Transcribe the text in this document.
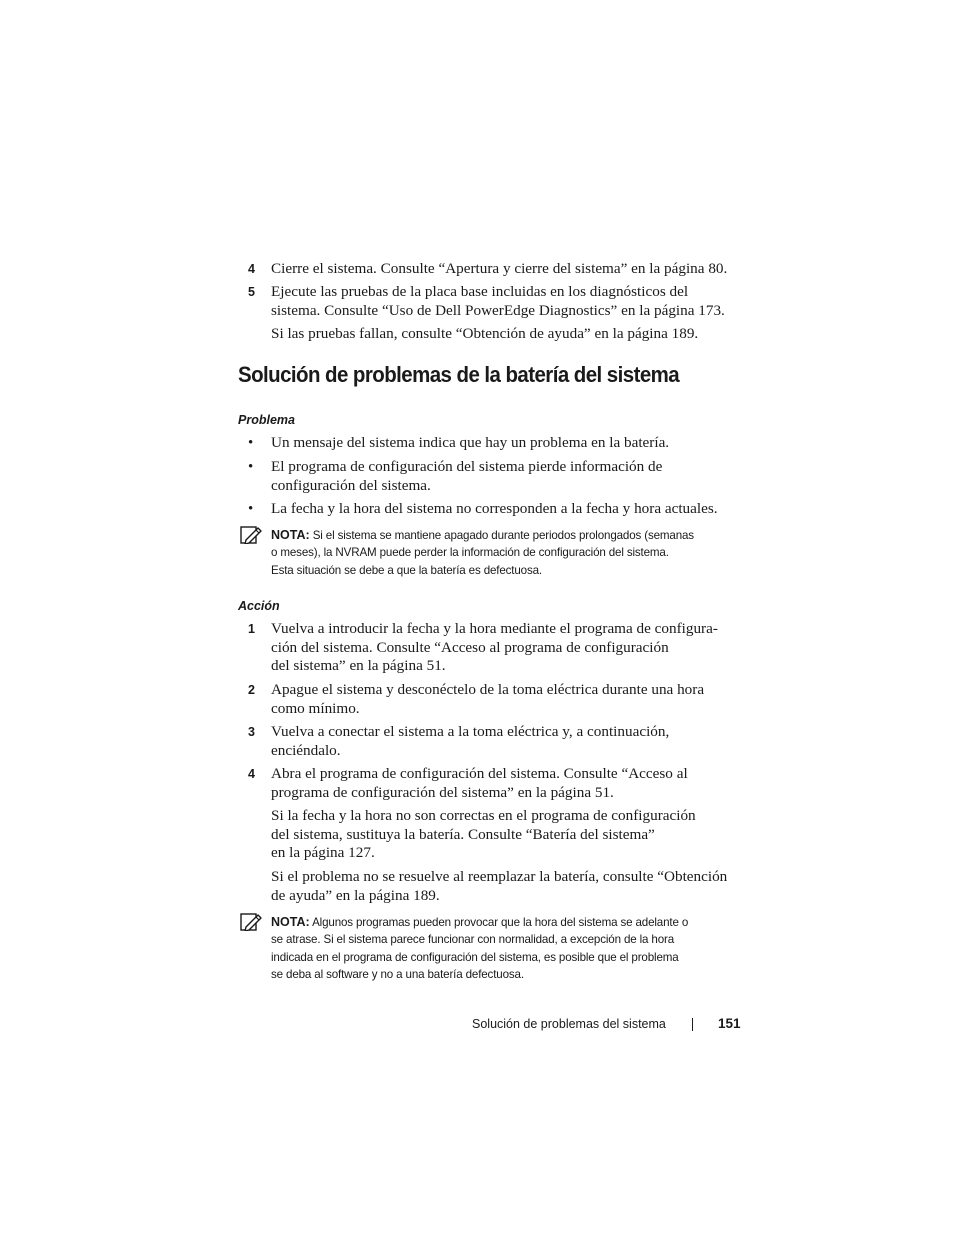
4	Cierre el sistema. Consulte “Apertura y cierre del sistema” en la página 80.
5	Ejecute las pruebas de la placa base incluidas en los diagnósticos del
sistema. Consulte “Uso de Dell PowerEdge Diagnostics” en la página 173.
Si las pruebas fallan, consulte “Obtención de ayuda” en la página 189.
Solución de problemas de la batería del sistema
Problema
• Un mensaje del sistema indica que hay un problema en la batería.
• El programa de configuración del sistema pierde información de
configuración del sistema.
• La fecha y la hora del sistema no corresponden a la fecha y hora actuales.
NOTA: Si el sistema se mantiene apagado durante periodos prolongados (semanas
o meses), la NVRAM puede perder la información de configuración del sistema.
Esta situación se debe a que la batería es defectuosa.
Acción
1	Vuelva a introducir la fecha y la hora mediante el programa de configura-
ción del sistema. Consulte “Acceso al programa de configuración
del sistema” en la página 51.
2	Apague el sistema y desconéctelo de la toma eléctrica durante una hora
como mínimo.
3	Vuelva a conectar el sistema a la toma eléctrica y, a continuación,
enciéndalo.
4	Abra el programa de configuración del sistema. Consulte “Acceso al
programa de configuración del sistema” en la página 51.
Si la fecha y la hora no son correctas en el programa de configuración
del sistema, sustituya la batería. Consulte “Batería del sistema”
en la página 127.
Si el problema no se resuelve al reemplazar la batería, consulte “Obtención
de ayuda” en la página 189.
NOTA: Algunos programas pueden provocar que la hora del sistema se adelante o
se atrase. Si el sistema parece funcionar con normalidad, a excepción de la hora
indicada en el programa de configuración del sistema, es posible que el problema
se deba al software y no a una batería defectuosa.
Solución de problemas del sistema	151
